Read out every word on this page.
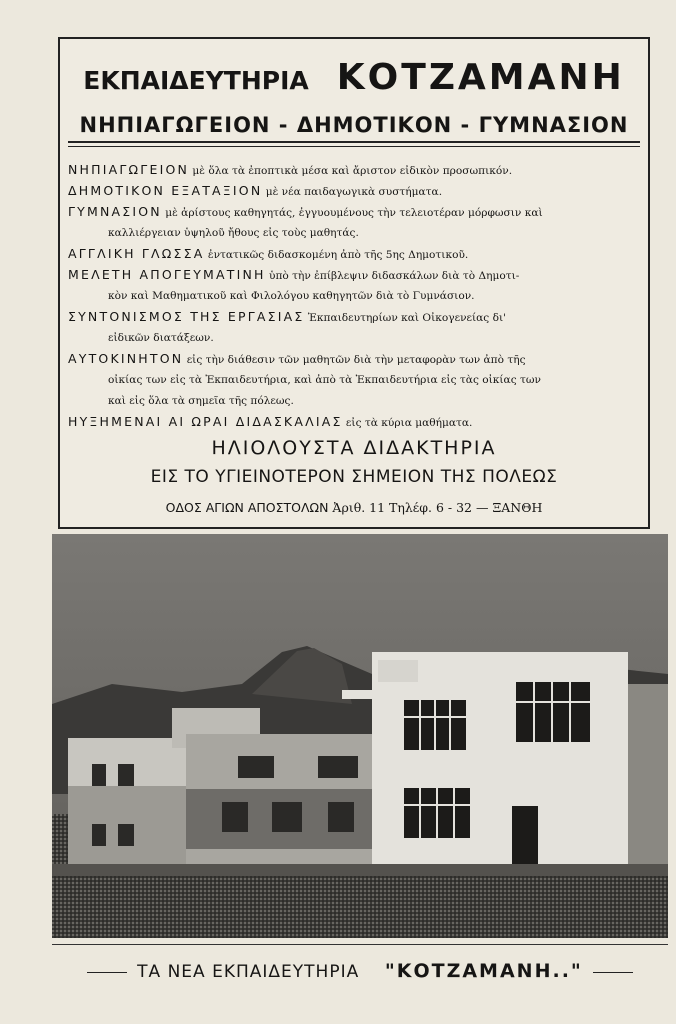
ΕΚΠΑΙΔΕΥΤΗΡΙΑ ΚΟΤΖΑΜΑΝΗ
ΝΗΠΙΑΓΩΓΕΙΟΝ - ΔΗΜΟΤΙΚΟΝ - ΓΥΜΝΑΣΙΟΝ
ΝΗΠΙΑΓΩΓΕΙΟΝ μὲ ὅλα τὰ ἐποπτικὰ μέσα καὶ ἄριστον εἰδικὸν προσωπικόν.
ΔΗΜΟΤΙΚΟΝ ΕΞΑΤΑΞΙΟΝ μὲ νέα παιδαγωγικὰ συστήματα.
ΓΥΜΝΑΣΙΟΝ μὲ ἀρίστους καθηγητάς, ἐγγυουμένους τὴν τελειοτέραν μόρφωσιν καὶ
καλλιέργειαν ὑψηλοῦ ἤθους εἰς τοὺς μαθητάς.
ΑΓΓΛΙΚΗ ΓΛΩΣΣΑ ἐντατικῶς διδασκομένη ἀπὸ τῆς 5ης Δημοτικοῦ.
ΜΕΛΕΤΗ ΑΠΟΓΕΥΜΑΤΙΝΗ ὑπὸ τὴν ἐπίβλεψιν διδασκάλων διὰ τὸ Δημοτι-
κὸν καὶ Μαθηματικοῦ καὶ Φιλολόγου καθηγητῶν διὰ τὸ Γυμνάσιον.
ΣΥΝΤΟΝΙΣΜΟΣ ΤΗΣ ΕΡΓΑΣΙΑΣ Ἐκπαιδευτηρίων καὶ Οἰκογενείας δι'
εἰδικῶν διατάξεων.
ΑΥΤΟΚΙΝΗΤΟΝ εἰς τὴν διάθεσιν τῶν μαθητῶν διὰ τὴν μεταφορὰν των ἀπὸ τῆς
οἰκίας των εἰς τὰ Ἐκπαιδευτήρια, καὶ ἀπὸ τὰ Ἐκπαιδευτήρια εἰς τὰς οἰκίας των
καὶ εἰς ὅλα τὰ σημεῖα τῆς πόλεως.
ΗΥΞΗΜΕΝΑΙ ΑΙ ΩΡΑΙ ΔΙΔΑΣΚΑΛΙΑΣ εἰς τὰ κύρια μαθήματα.
ΗΛΙΟΛΟΥΣΤΑ ΔΙΔΑΚΤΗΡΙΑ
ΕΙΣ ΤΟ ΥΓΙΕΙΝΟΤΕΡΟΝ ΣΗΜΕΙΟΝ ΤΗΣ ΠΟΛΕΩΣ
ΟΔΟΣ ΑΓΙΩΝ ΑΠΟΣΤΟΛΩΝ Ἀριθ. 11 Τηλέφ. 6 - 32 — ΞΑΝΘΗ
ΤΑ ΝΕΑ ΕΚΠΑΙΔΕΥΤΗΡΙΑ "ΚΟΤΖΑΜΑΝΗ.."
